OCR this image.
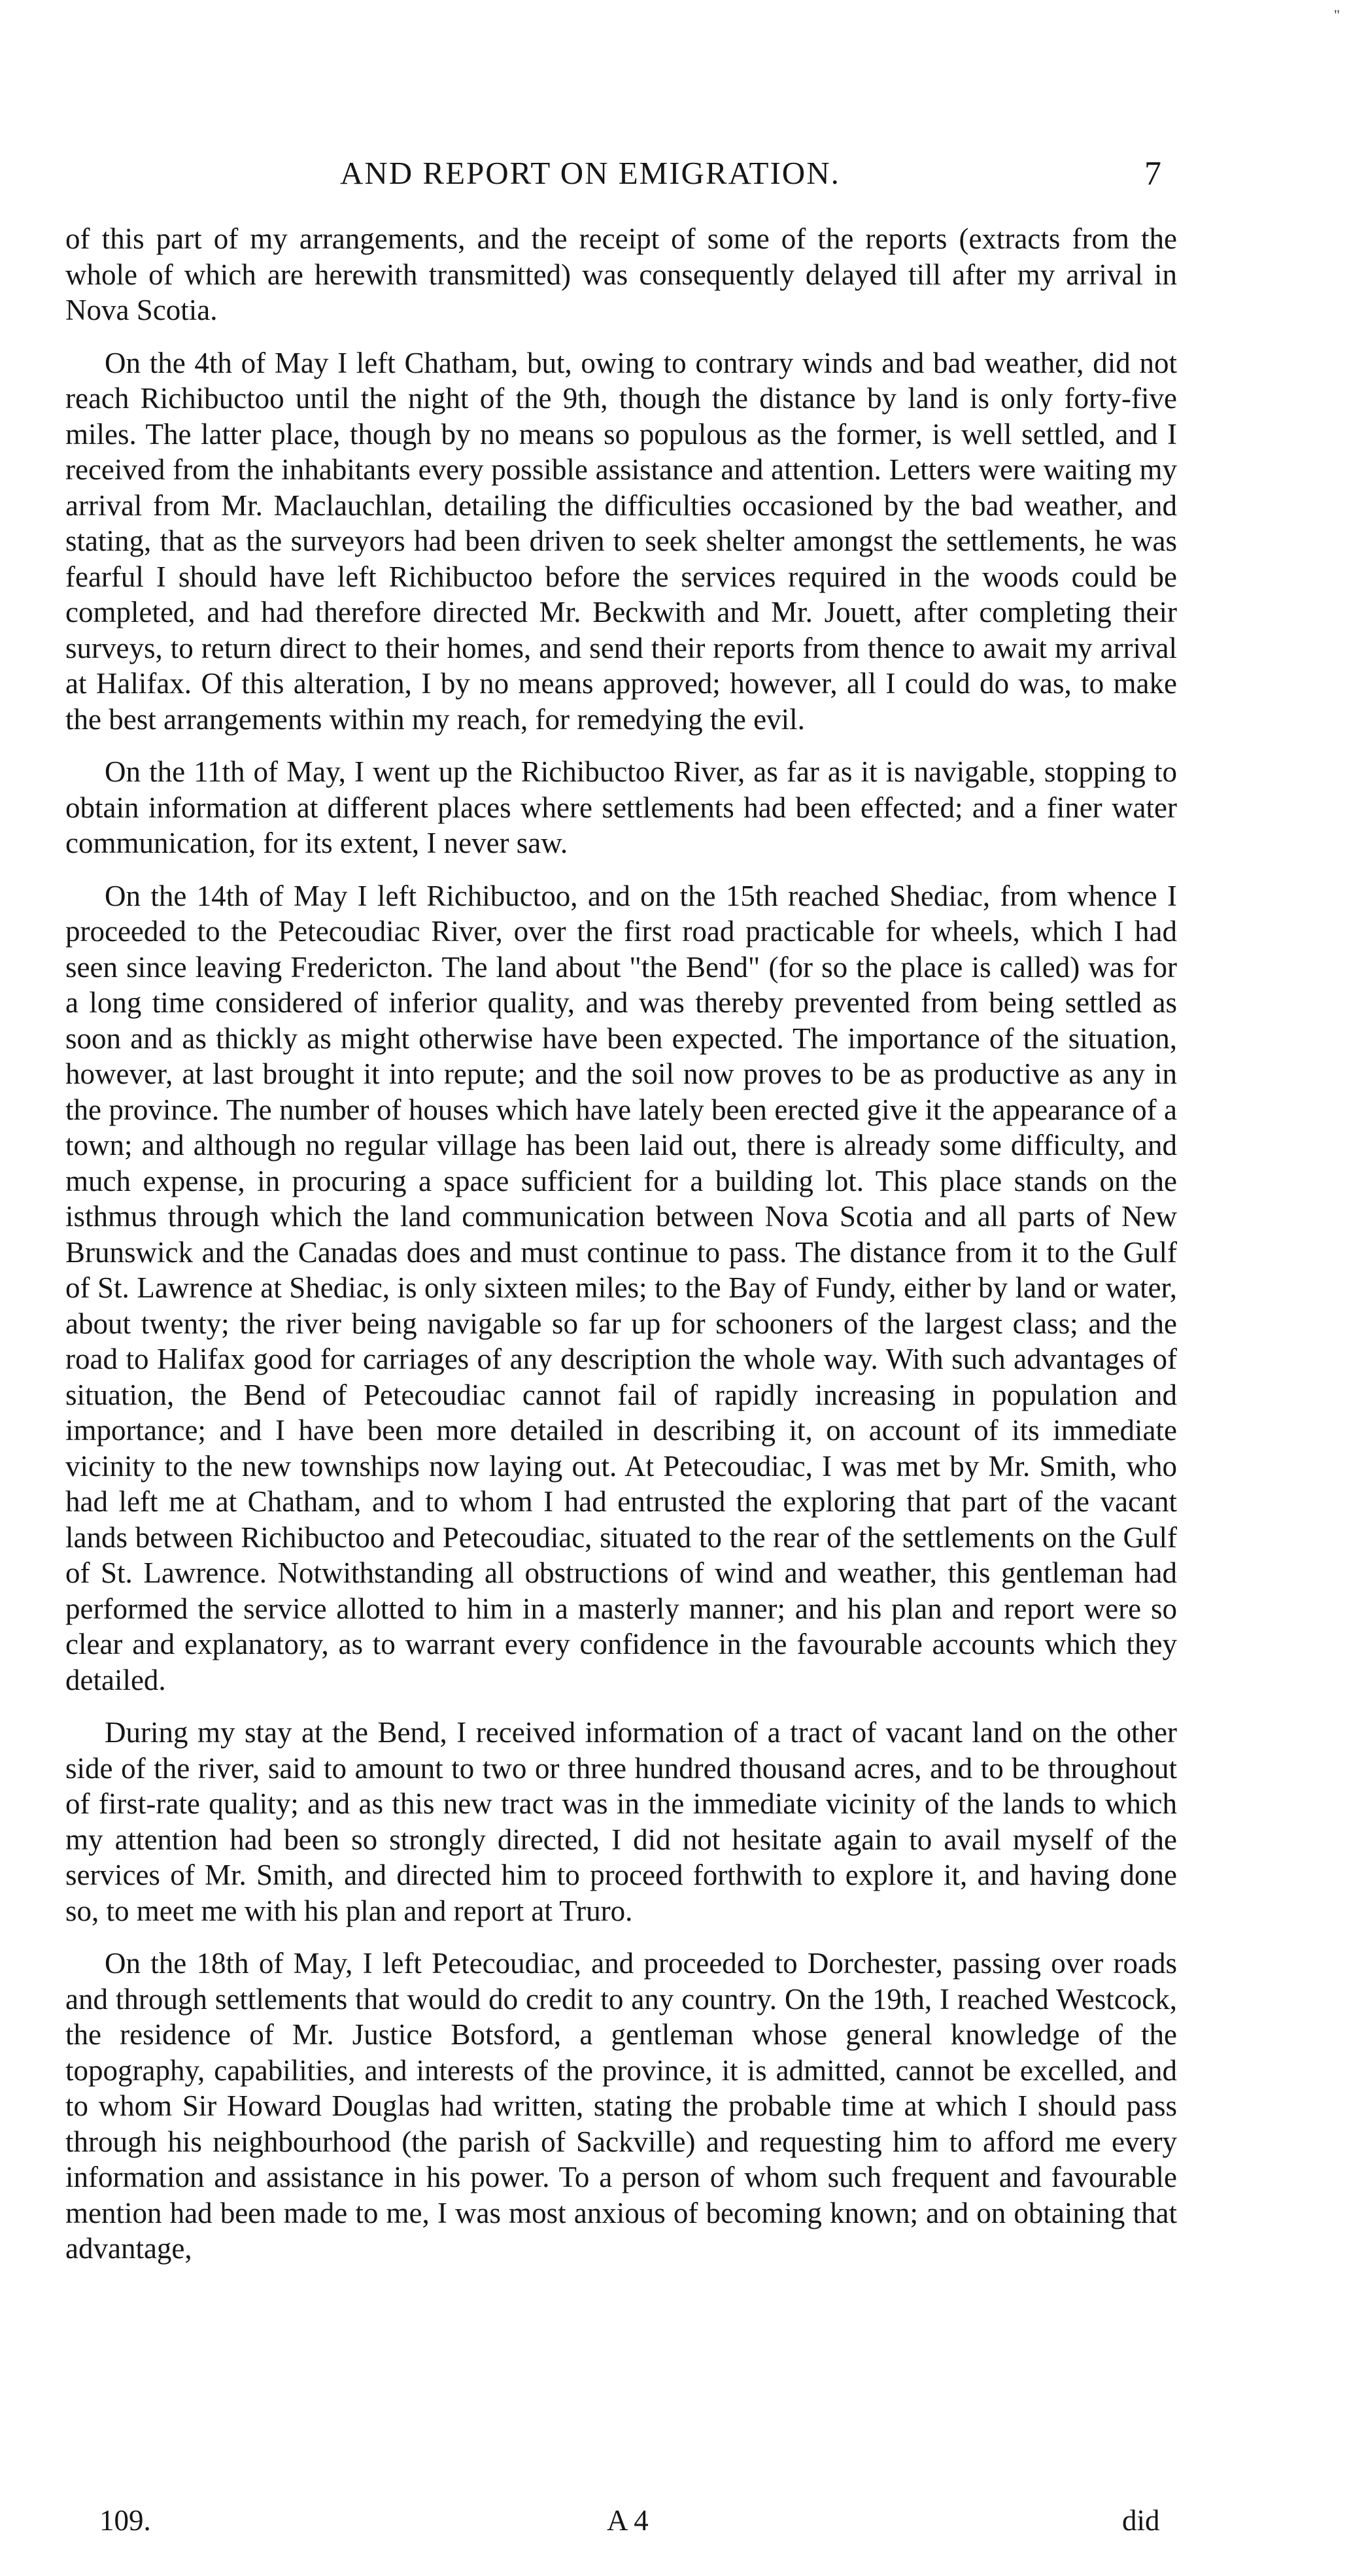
"
AND REPORT ON EMIGRATION.	7

of this part of my arrangements, and the receipt of some of the reports (extracts from the whole of which are herewith transmitted) was consequently delayed till after my arrival in Nova Scotia.

On the 4th of May I left Chatham, but, owing to contrary winds and bad weather, did not reach Richibuctoo until the night of the 9th, though the distance by land is only forty-five miles. The latter place, though by no means so populous as the former, is well settled, and I received from the inhabitants every possible assistance and attention. Letters were waiting my arrival from Mr. Maclauchlan, detailing the difficulties occasioned by the bad weather, and stating, that as the surveyors had been driven to seek shelter amongst the settlements, he was fearful I should have left Richibuctoo before the services required in the woods could be completed, and had therefore directed Mr. Beckwith and Mr. Jouett, after completing their surveys, to return direct to their homes, and send their reports from thence to await my arrival at Halifax. Of this alteration, I by no means approved; however, all I could do was, to make the best arrangements within my reach, for remedying the evil.

On the 11th of May, I went up the Richibuctoo River, as far as it is navigable, stopping to obtain information at different places where settlements had been effected; and a finer water communication, for its extent, I never saw.

On the 14th of May I left Richibuctoo, and on the 15th reached Shediac, from whence I proceeded to the Petecoudiac River, over the first road practicable for wheels, which I had seen since leaving Fredericton. The land about "the Bend" (for so the place is called) was for a long time considered of inferior quality, and was thereby prevented from being settled as soon and as thickly as might otherwise have been expected. The importance of the situation, however, at last brought it into repute; and the soil now proves to be as productive as any in the province. The number of houses which have lately been erected give it the appearance of a town; and although no regular village has been laid out, there is already some difficulty, and much expense, in procuring a space sufficient for a building lot. This place stands on the isthmus through which the land communication between Nova Scotia and all parts of New Brunswick and the Canadas does and must continue to pass. The distance from it to the Gulf of St. Lawrence at Shediac, is only sixteen miles; to the Bay of Fundy, either by land or water, about twenty; the river being navigable so far up for schooners of the largest class; and the road to Halifax good for carriages of any description the whole way. With such advantages of situation, the Bend of Petecoudiac cannot fail of rapidly increasing in population and importance; and I have been more detailed in describing it, on account of its immediate vicinity to the new townships now laying out. At Petecoudiac, I was met by Mr. Smith, who had left me at Chatham, and to whom I had entrusted the exploring that part of the vacant lands between Richibuctoo and Petecoudiac, situated to the rear of the settlements on the Gulf of St. Lawrence. Notwithstanding all obstructions of wind and weather, this gentleman had performed the service allotted to him in a masterly manner; and his plan and report were so clear and explanatory, as to warrant every confidence in the favourable accounts which they detailed.

During my stay at the Bend, I received information of a tract of vacant land on the other side of the river, said to amount to two or three hundred thousand acres, and to be throughout of first-rate quality; and as this new tract was in the immediate vicinity of the lands to which my attention had been so strongly directed, I did not hesitate again to avail myself of the services of Mr. Smith, and directed him to proceed forthwith to explore it, and having done so, to meet me with his plan and report at Truro.

On the 18th of May, I left Petecoudiac, and proceeded to Dorchester, passing over roads and through settlements that would do credit to any country. On the 19th, I reached Westcock, the residence of Mr. Justice Botsford, a gentleman whose general knowledge of the topography, capabilities, and interests of the province, it is admitted, cannot be excelled, and to whom Sir Howard Douglas had written, stating the probable time at which I should pass through his neighbourhood (the parish of Sackville) and requesting him to afford me every information and assistance in his power. To a person of whom such frequent and favourable mention had been made to me, I was most anxious of becoming known; and on obtaining that advantage,

109.	A 4	did
